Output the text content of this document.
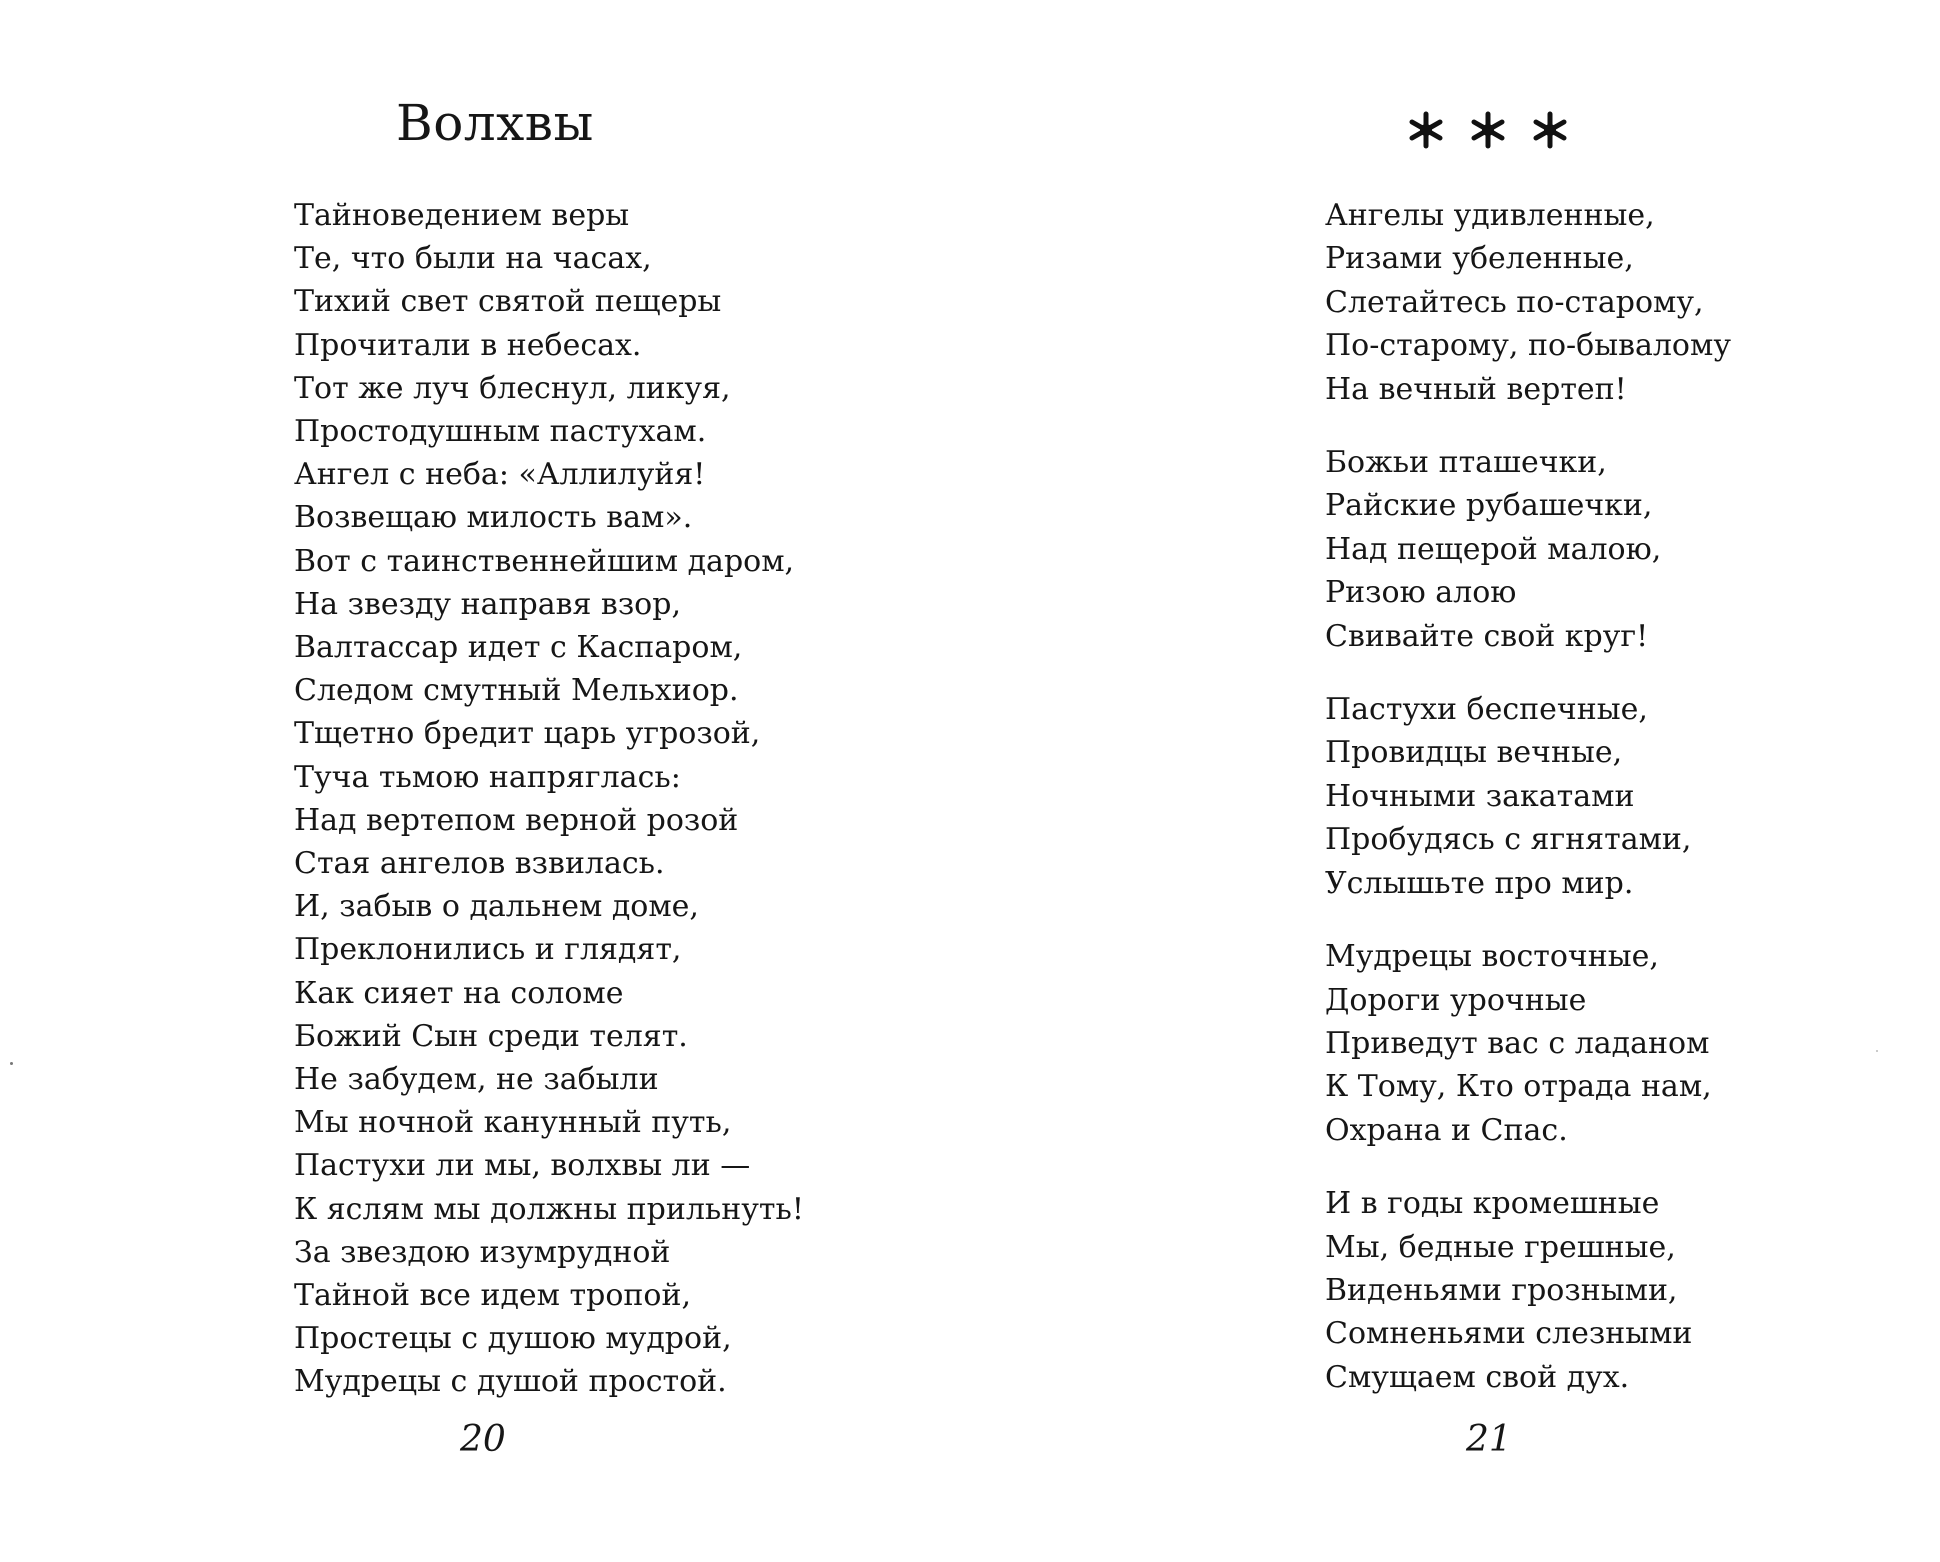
Волхвы
Тайноведением веры
Те, что были на часах,
Тихий свет святой пещеры
Прочитали в небесах.
Тот же луч блеснул, ликуя,
Простодушным пастухам.
Ангел с неба: «Аллилуйя!
Возвещаю милость вам».
Вот с таинственнейшим даром,
На звезду направя взор,
Валтассар идет с Каспаром,
Следом смутный Мельхиор.
Тщетно бредит царь угрозой,
Туча тьмою напряглась:
Над вертепом верной розой
Стая ангелов взвилась.
И, забыв о дальнем доме,
Преклонились и глядят,
Как сияет на соломе
Божий Сын среди телят.
Не забудем, не забыли
Мы ночной канунный путь,
Пастухи ли мы, волхвы ли —
К яслям мы должны прильнуть!
За звездою изумрудной
Тайной все идем тропой,
Простецы с душою мудрой,
Мудрецы с душой простой.
20
Ангелы удивленные,
Ризами убеленные,
Слетайтесь по-старому,
По-старому, по-бывалому
На вечный вертеп!
Божьи пташечки,
Райские рубашечки,
Над пещерой малою,
Ризою алою
Свивайте свой круг!
Пастухи беспечные,
Провидцы вечные,
Ночными закатами
Пробудясь с ягнятами,
Услышьте про мир.
Мудрецы восточные,
Дороги урочные
Приведут вас с ладаном
К Тому, Кто отрада нам,
Охрана и Спас.
И в годы кромешные
Мы, бедные грешные,
Виденьями грозными,
Сомненьями слезными
Смущаем свой дух.
21
